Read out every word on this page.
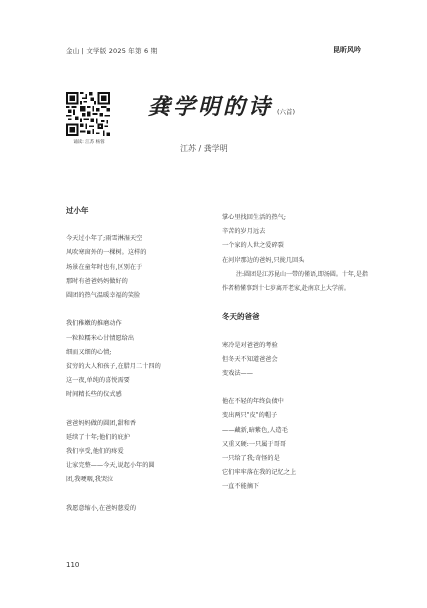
金山 | 文学版 2025 年第 6 期	昆昕风吟
诵读: 江苏 杨蓉
龚学明的诗 (六首)
江苏 / 龚学明
过小年
今天过小年了;雨雪淋湿天空
风吹寒窗外的一棵树。这样的
场景在童年时也有,区别在于
那时有爸爸妈妈做好的
圆团的热气温暖幸福的笑脸
我们稚嫩的推磨动作
一粒粒糯米心甘情愿给出
细而又细的心情;
贫穷的大人和孩子,在腊月二十四的
这一夜,单纯的喜悦需要
时间精长些的仪式感
爸爸妈妈做的圆团,甜和香
延续了十年;他们的庇护
我们享受,他们的疼爱
让家完整——今天,说起小年的圆
团,我哽咽,我哭泣
我愿意缩小,在爸妈慈爱的
掌心里找回生活的热气;
辛苦的岁月远去
一个家的人世之爱碎裂
在河岸那边的爸妈,只拢几回头
注:圆团是江苏昆山一带的僅语,即汤圆。十年,是指作者稍懂事到十七岁离开老家,赴南京上大学前。
冬天的爸爸
寒冷是对爸爸的考验
但冬天不知道爸爸会
变戏法——
他在不轻的年终負债中
变出两只"皮"的帽子
——藏新,暗紫色,人造毛
又重又硬:一只属于哥哥
一只给了我;奇怪的是
它们牢牢落在我的记忆之上
一直不能摘下
110
